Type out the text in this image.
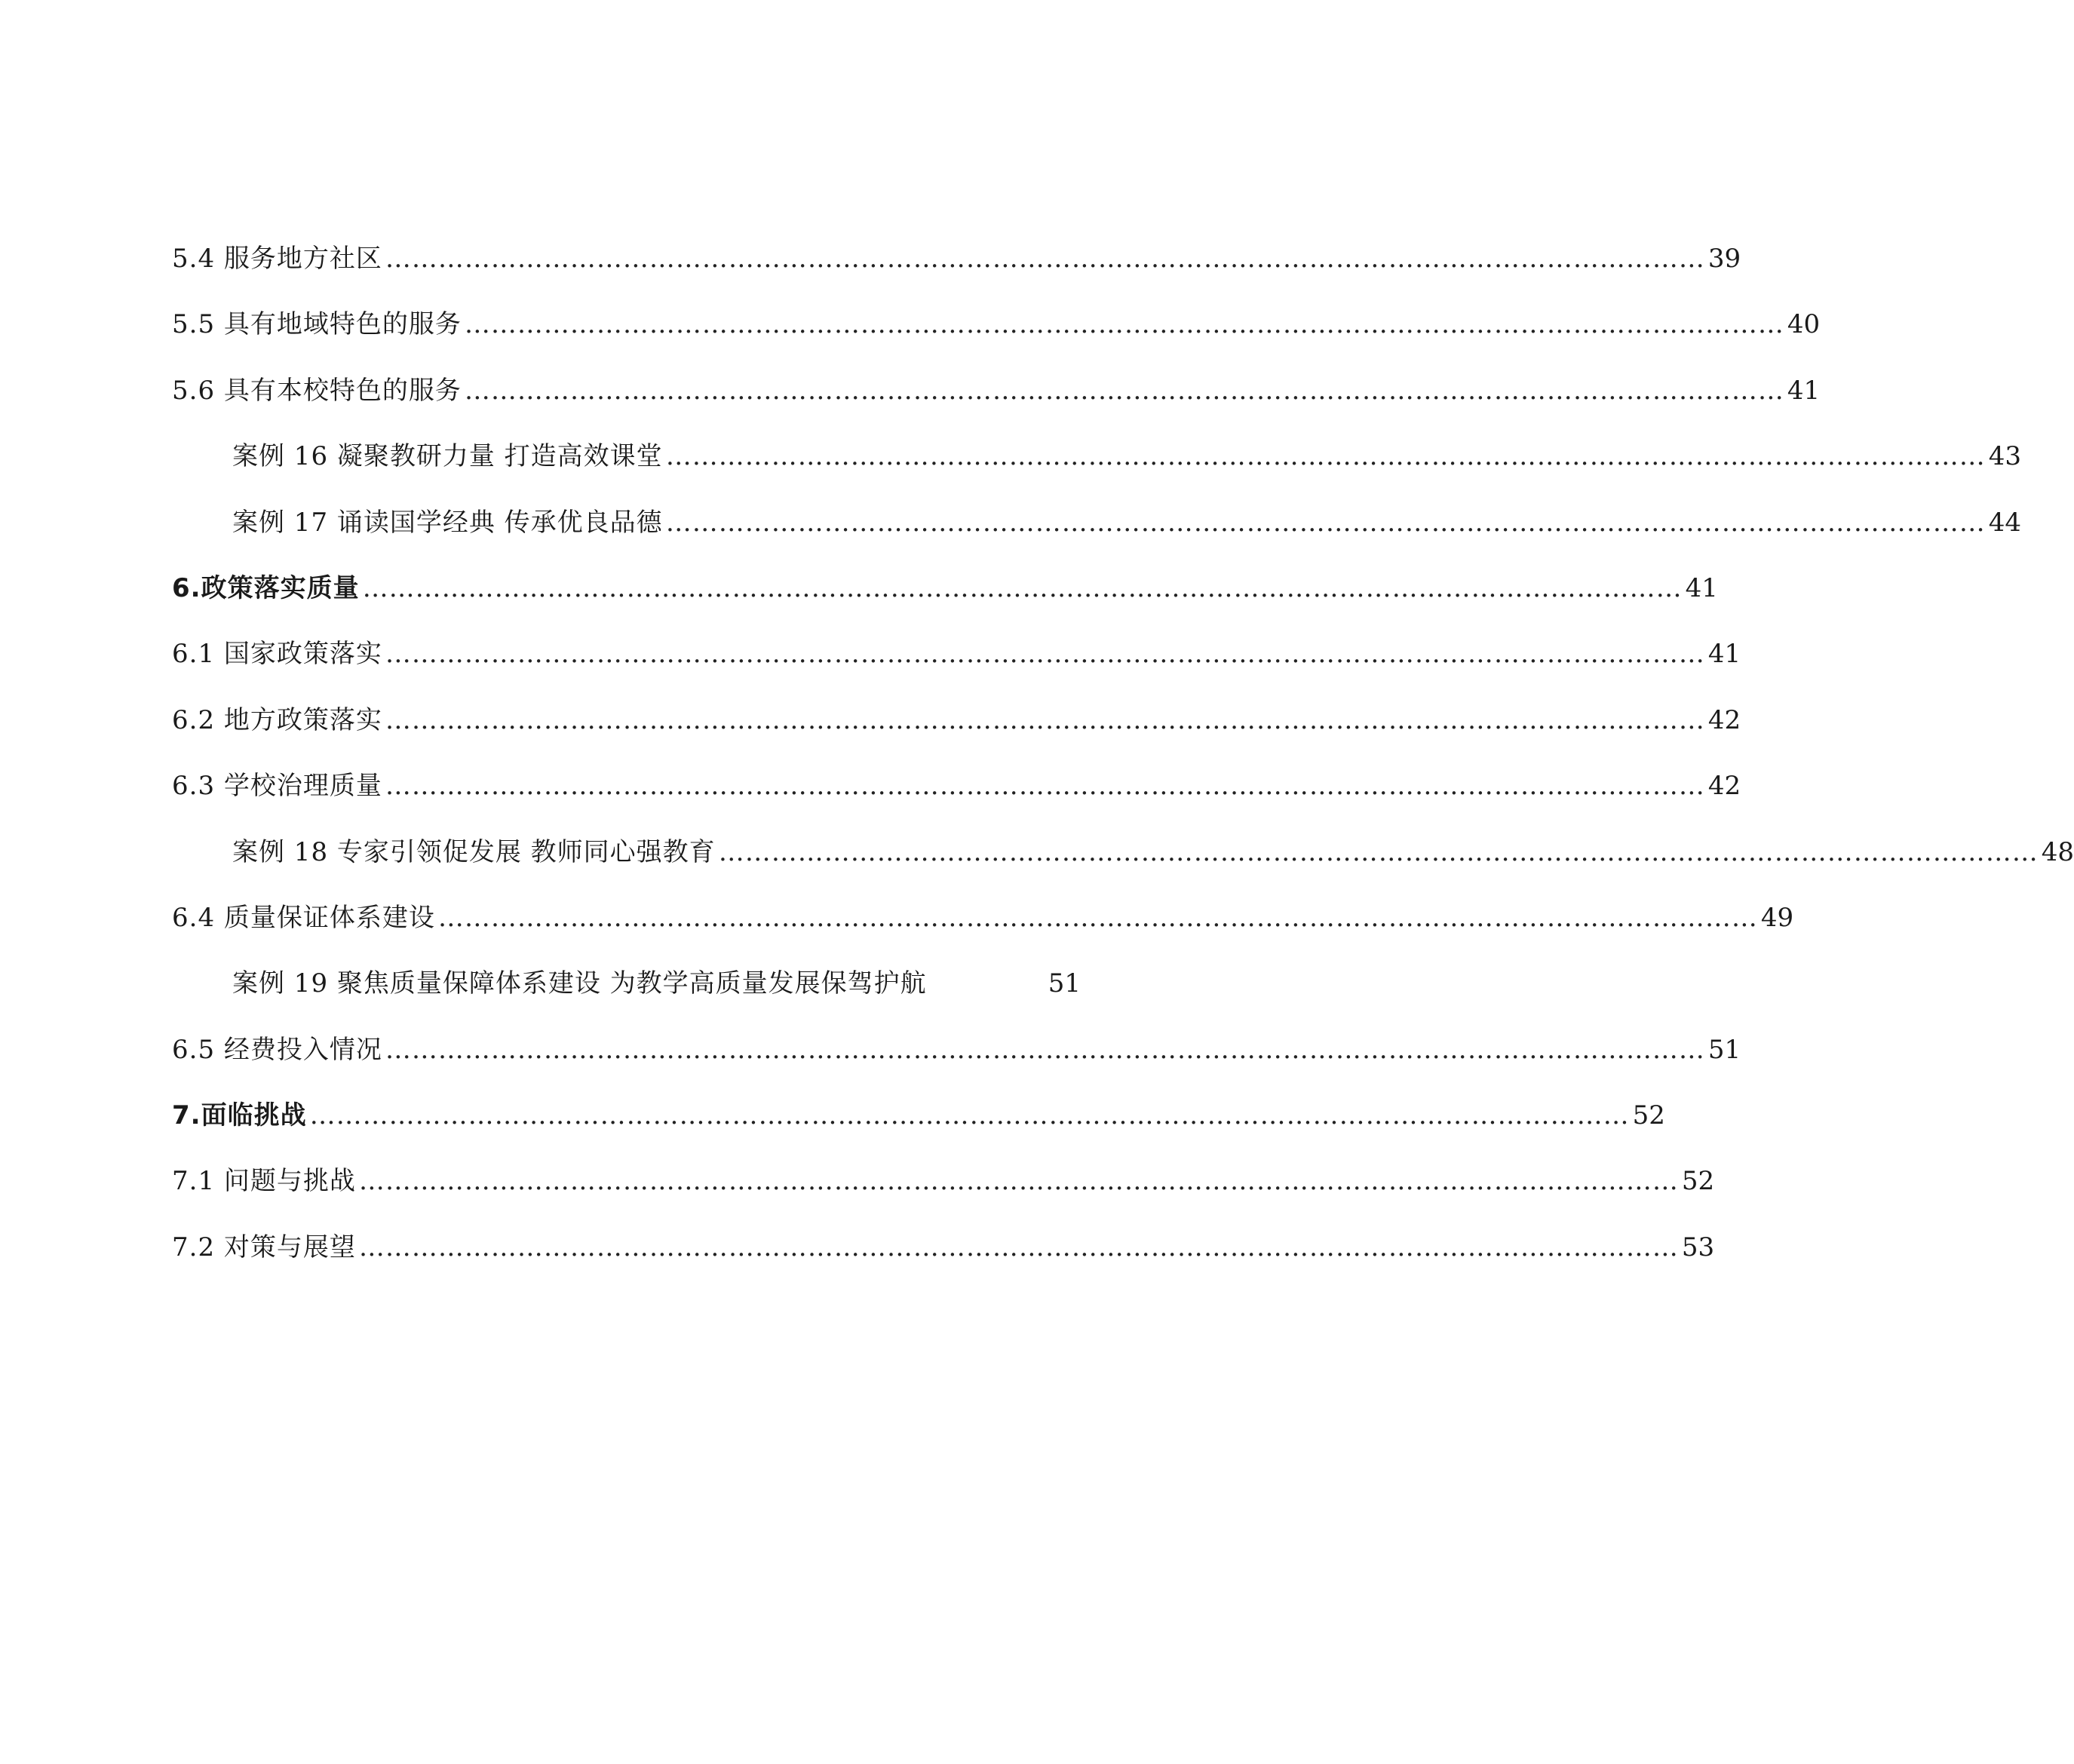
5.4 服务地方社区 …………………………………………………………………………………………………………………………………… 39
5.5 具有地域特色的服务 …………………………………………………………………………………………………………………………………… 40
5.6 具有本校特色的服务 …………………………………………………………………………………………………………………………………… 41
案例 16 凝聚教研力量 打造高效课堂 …………………………………………………………………………………………………………………………………… 43
案例 17 诵读国学经典 传承优良品德 …………………………………………………………………………………………………………………………………… 44
6.政策落实质量 …………………………………………………………………………………………………………………………………… 41
6.1 国家政策落实 …………………………………………………………………………………………………………………………………… 41
6.2 地方政策落实 …………………………………………………………………………………………………………………………………… 42
6.3 学校治理质量 …………………………………………………………………………………………………………………………………… 42
案例 18 专家引领促发展 教师同心强教育 …………………………………………………………………………………………………………………………………… 48
6.4 质量保证体系建设 …………………………………………………………………………………………………………………………………… 49
案例 19 聚焦质量保障体系建设 为教学高质量发展保驾护航	51
6.5 经费投入情况 …………………………………………………………………………………………………………………………………… 51
7.面临挑战 …………………………………………………………………………………………………………………………………… 52
7.1 问题与挑战 …………………………………………………………………………………………………………………………………… 52
7.2 对策与展望 …………………………………………………………………………………………………………………………………… 53
